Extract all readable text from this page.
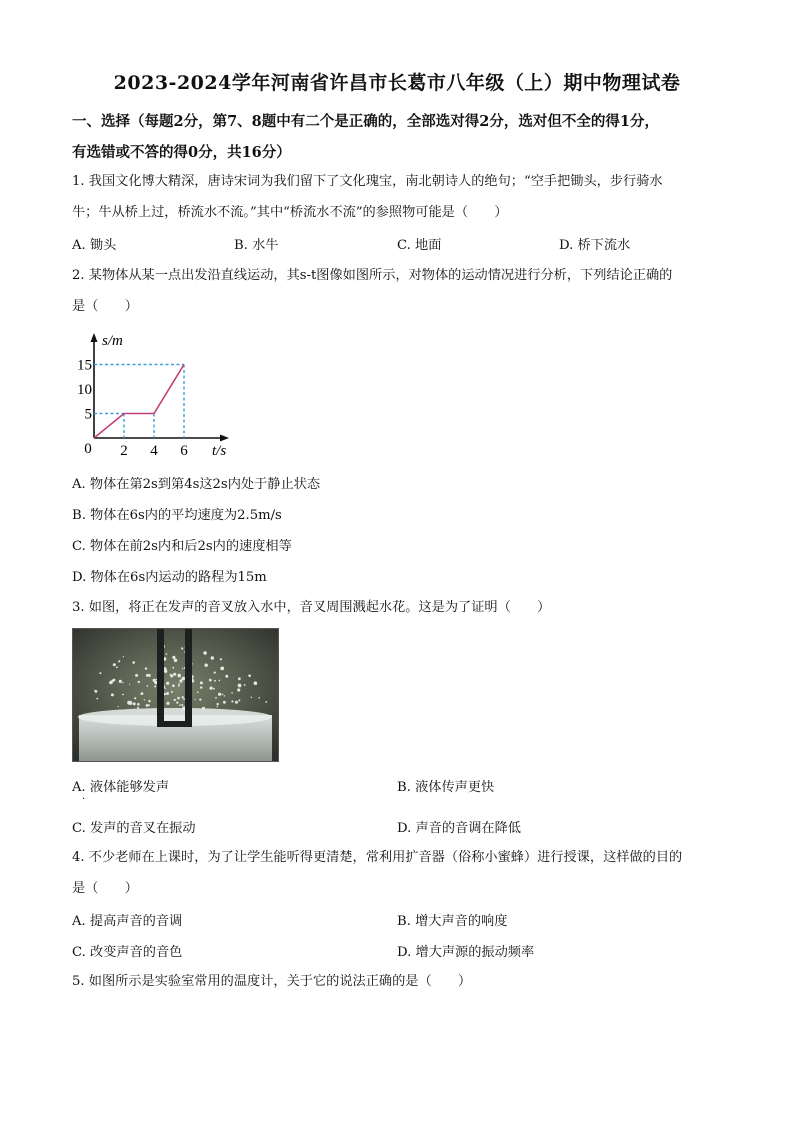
2023-2024学年河南省许昌市长葛市八年级（上）期中物理试卷
一、选择（每题2分，第7、8题中有二个是正确的，全部选对得2分，选对但不全的得1分，
有选错或不答的得0分，共16分）
1. 我国文化博大精深，唐诗宋词为我们留下了文化瑰宝，南北朝诗人的绝句；“空手把锄头，步行骑水
牛；牛从桥上过，桥流水不流。”其中“桥流水不流”的参照物可能是（　　）
A. 锄头	B. 水牛	C. 地面	D. 桥下流水
2. 某物体从某一点出发沿直线运动，其s-t图像如图所示，对物体的运动情况进行分析，下列结论正确的
是（　　）
2 4 6
5
10
15
0
s/m
t/s
A. 物体在第2s到第4s这2s内处于静止状态
B. 物体在6s内的平均速度为2.5m/s
C. 物体在前2s内和后2s内的速度相等
D. 物体在6s内运动的路程为15m
3. 如图，将正在发声的音叉放入水中，音叉周围溅起水花。这是为了证明（　　）
A. 液体能够发声	B. 液体传声更快
·
C. 发声的音叉在振动	D. 声音的音调在降低
4. 不少老师在上课时，为了让学生能听得更清楚，常利用扩音器（俗称小蜜蜂）进行授课，这样做的目的
是（　　）
A. 提高声音的音调	B. 增大声音的响度
C. 改变声音的音色	D. 增大声源的振动频率
5. 如图所示是实验室常用的温度计，关于它的说法正确的是（　　）
